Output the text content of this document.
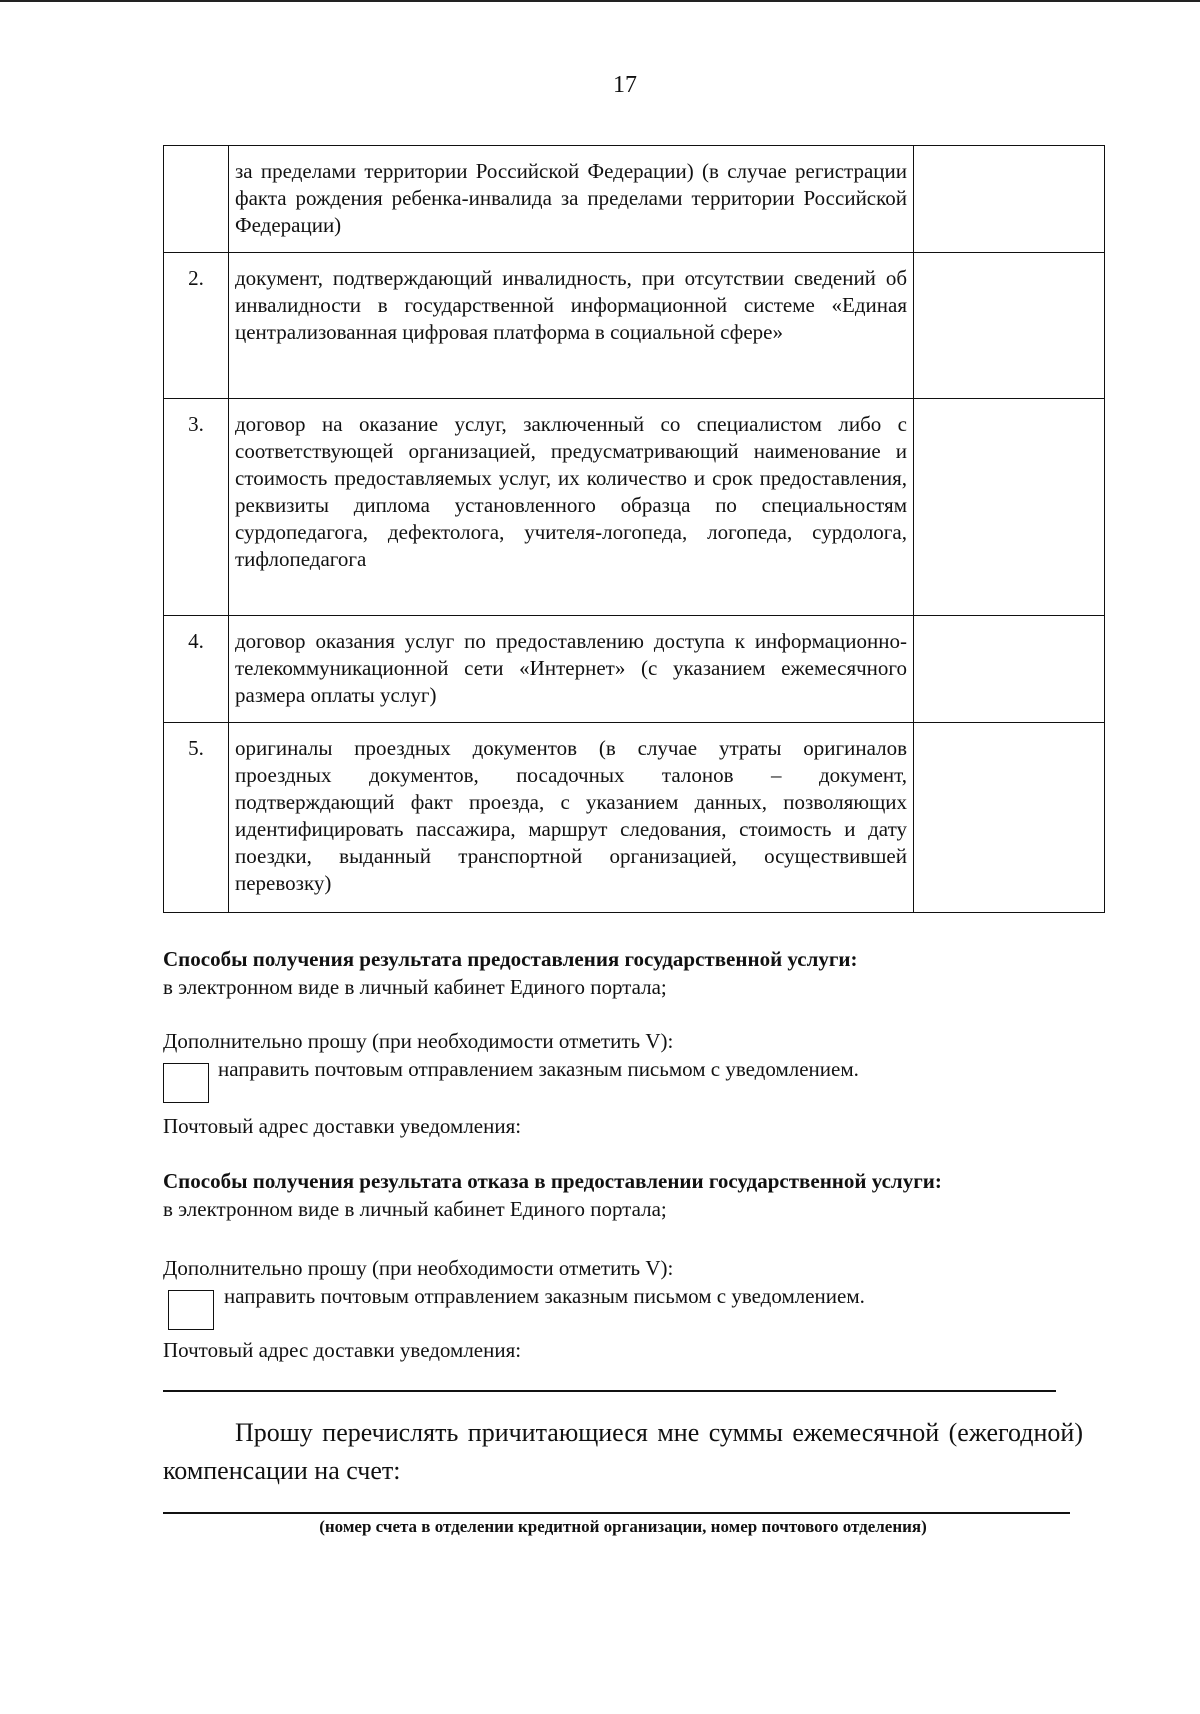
17
	за пределами территории Российской Федерации) (в случае регистрации факта рождения ребенка-инвалида за пределами территории Российской Федерации)	
2.	документ, подтверждающий инвалидность, при отсутствии сведений об инвалидности в государственной информационной системе «Единая централизованная цифровая платформа в социальной сфере»	
3.	договор на оказание услуг, заключенный со специалистом либо с соответствующей организацией, предусматривающий наименование и стоимость предоставляемых услуг, их количество и срок предоставления, реквизиты диплома установленного образца по специальностям сурдопедагога, дефектолога, учителя-логопеда, логопеда, сурдолога, тифлопедагога	
4.	договор оказания услуг по предоставлению доступа к информационно-телекоммуникационной сети «Интернет» (с указанием ежемесячного размера оплаты услуг)	
5.	оригиналы проездных документов (в случае утраты оригиналов проездных документов, посадочных талонов – документ, подтверждающий факт проезда, с указанием данных, позволяющих идентифицировать пассажира, маршрут следования, стоимость и дату поездки, выданный транспортной организацией, осуществившей перевозку)	
Способы получения результата предоставления государственной услуги:
в электронном виде в личный кабинет Единого портала;
Дополнительно прошу (при необходимости отметить V):
направить почтовым отправлением заказным письмом с уведомлением.
Почтовый адрес доставки уведомления:
Способы получения результата отказа в предоставлении государственной услуги:
в электронном виде в личный кабинет Единого портала;
Дополнительно прошу (при необходимости отметить V):
направить почтовым отправлением заказным письмом с уведомлением.
Почтовый адрес доставки уведомления:
Прошу перечислять причитающиеся мне суммы ежемесячной (ежегодной) компенсации на счет:
(номер счета в отделении кредитной организации, номер почтового отделения)
